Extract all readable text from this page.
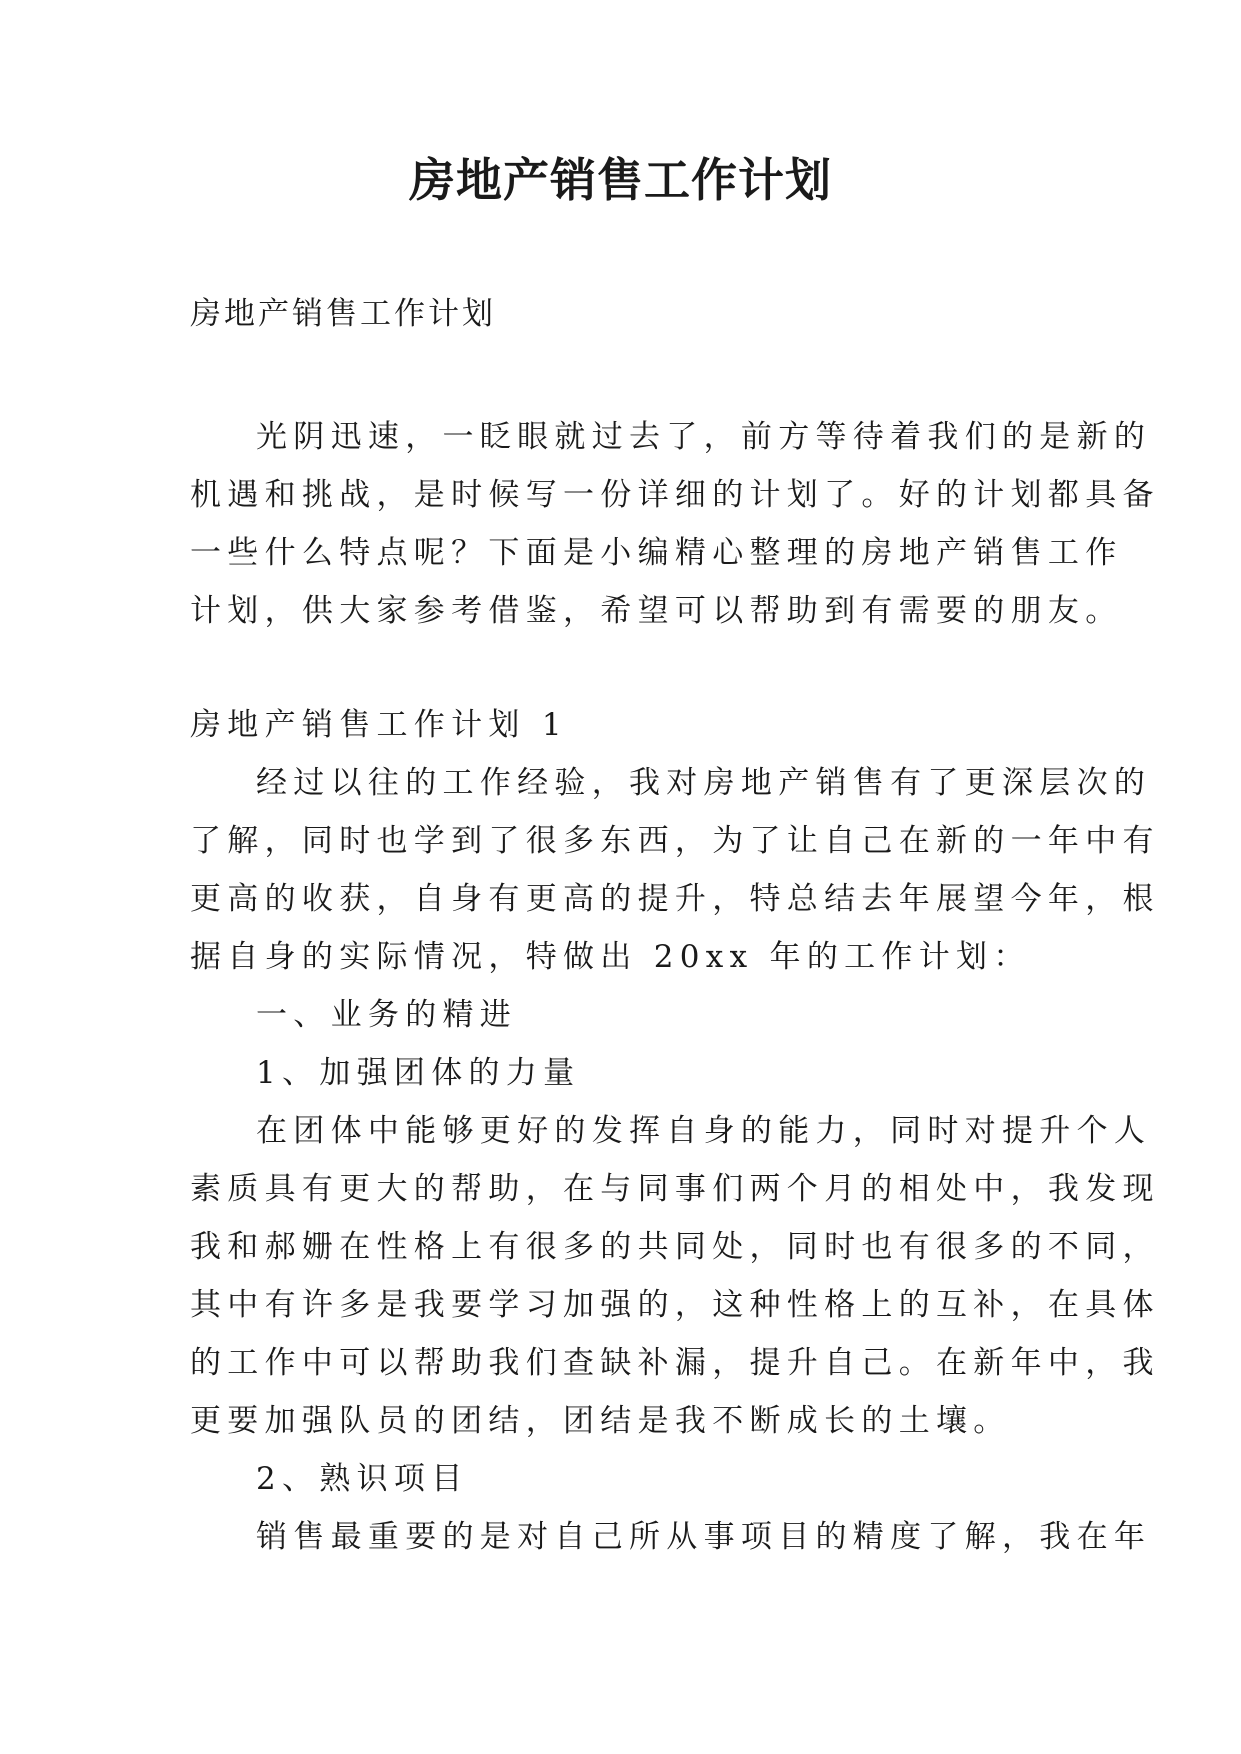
房地产销售工作计划

房地产销售工作计划

光阴迅速，一眨眼就过去了，前方等待着我们的是新的
机遇和挑战，是时候写一份详细的计划了。好的计划都具备
一些什么特点呢？下面是小编精心整理的房地产销售工作
计划，供大家参考借鉴，希望可以帮助到有需要的朋友。
房地产销售工作计划 1
经过以往的工作经验，我对房地产销售有了更深层次的
了解，同时也学到了很多东西，为了让自己在新的一年中有
更高的收获，自身有更高的提升，特总结去年展望今年，根
据自身的实际情况，特做出 20xx 年的工作计划：
一、业务的精进
1、加强团体的力量
在团体中能够更好的发挥自身的能力，同时对提升个人
素质具有更大的帮助，在与同事们两个月的相处中，我发现
我和郝姗在性格上有很多的共同处，同时也有很多的不同，
其中有许多是我要学习加强的，这种性格上的互补，在具体
的工作中可以帮助我们查缺补漏，提升自己。在新年中，我
更要加强队员的团结，团结是我不断成长的土壤。
2、熟识项目
销售最重要的是对自己所从事项目的精度了解，我在年
